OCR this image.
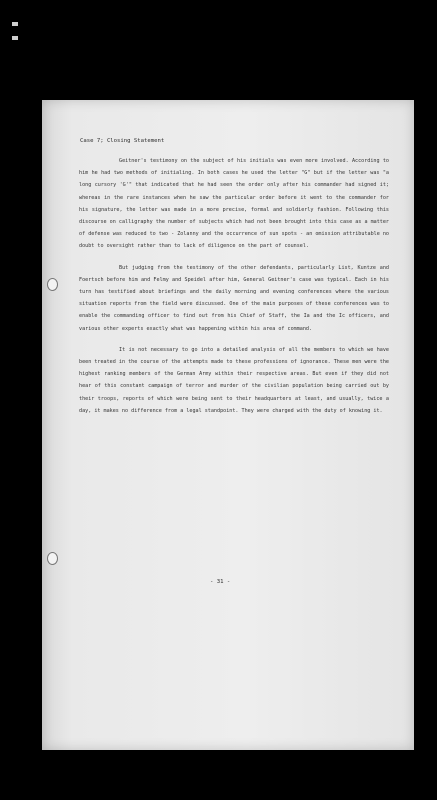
Case 7; Closing Statement

Geitner's testimony on the subject of his initials was even more involved. According to him he had two methods of initialing. In both cases he used the letter "G" but if the letter was "a long cursory 'G'" that indicated that he had seen the order only after his commander had signed it; whereas in the rare instances when he saw the particular order before it went to the commander for his signature, the letter was made in a more precise, formal and soldierly fashion. Following this discourse on calligraphy the number of subjects which had not been brought into this case as a matter of defense was reduced to two - Zolanny and the occurrence of sun spots - an omission attributable no doubt to oversight rather than to lack of diligence on the part of counsel.

But judging from the testimony of the other defendants, particularly List, Kuntze and Foertsch before him and Felmy and Speidel after him, General Geitner's case was typical. Each in his turn has testified about briefings and the daily morning and evening conferences where the various situation reports from the field were discussed. One of the main purposes of these conferences was to enable the commanding officer to find out from his Chief of Staff, the Ia and the Ic officers, and various other experts exactly what was happening within his area of command.

It is not necessary to go into a detailed analysis of all the members to which we have been treated in the course of the attempts made to these professions of ignorance. These men were the highest ranking members of the German Army within their respective areas. But even if they did not hear of this constant campaign of terror and murder of the civilian population being carried out by their troops, reports of which were being sent to their headquarters at least, and usually, twice a day, it makes no difference from a legal standpoint. They were charged with the duty of knowing it.

- 31 -
